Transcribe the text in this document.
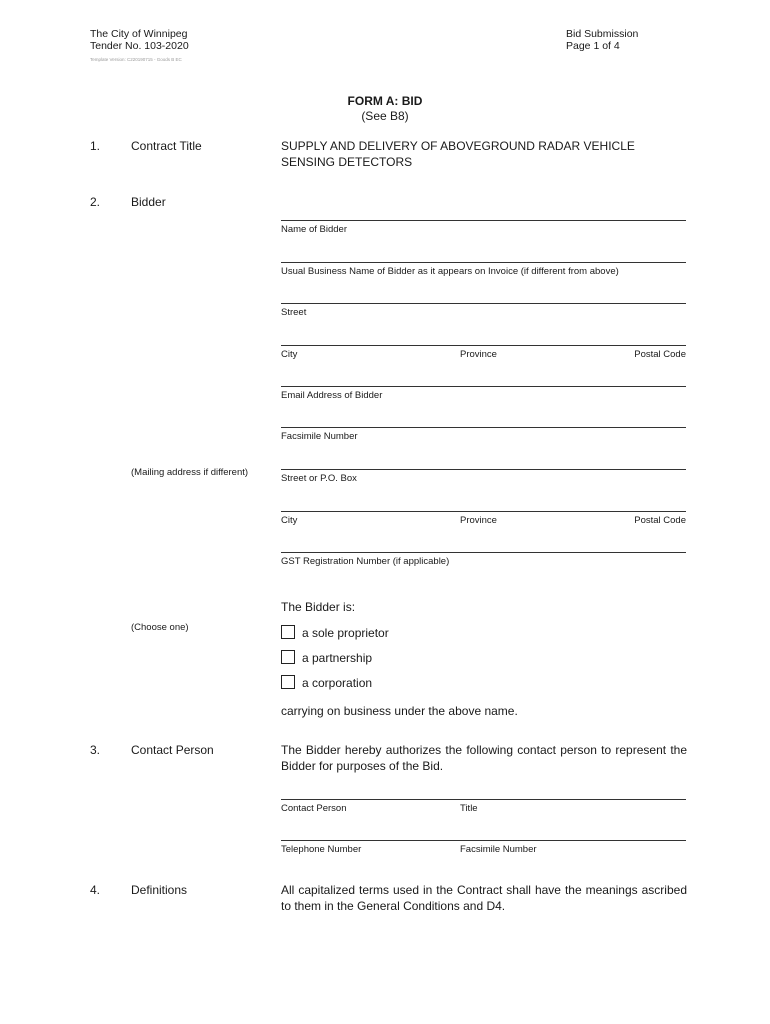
The City of Winnipeg
Tender No. 103-2020
Template Version: C220190715 - Goods B EC
Bid Submission
Page 1 of 4
FORM A: BID
(See B8)
1.	Contract Title	SUPPLY AND DELIVERY OF ABOVEGROUND RADAR VEHICLE
SENSING DETECTORS
2.	Bidder
Name of Bidder
Usual Business Name of Bidder as it appears on Invoice (if different from above)
Street
City	Province	Postal Code
Email Address of Bidder
Facsimile Number
(Mailing address if different)
Street or P.O. Box
City	Province	Postal Code
GST Registration Number (if applicable)
The Bidder is:
(Choose one)	a sole proprietor
a partnership
a corporation
carrying on business under the above name.
3.	Contact Person	The Bidder hereby authorizes the following contact person to represent the Bidder for purposes of the Bid.
Contact Person	Title
Telephone Number	Facsimile Number
4.	Definitions	All capitalized terms used in the Contract shall have the meanings ascribed to them in the General Conditions and D4.
